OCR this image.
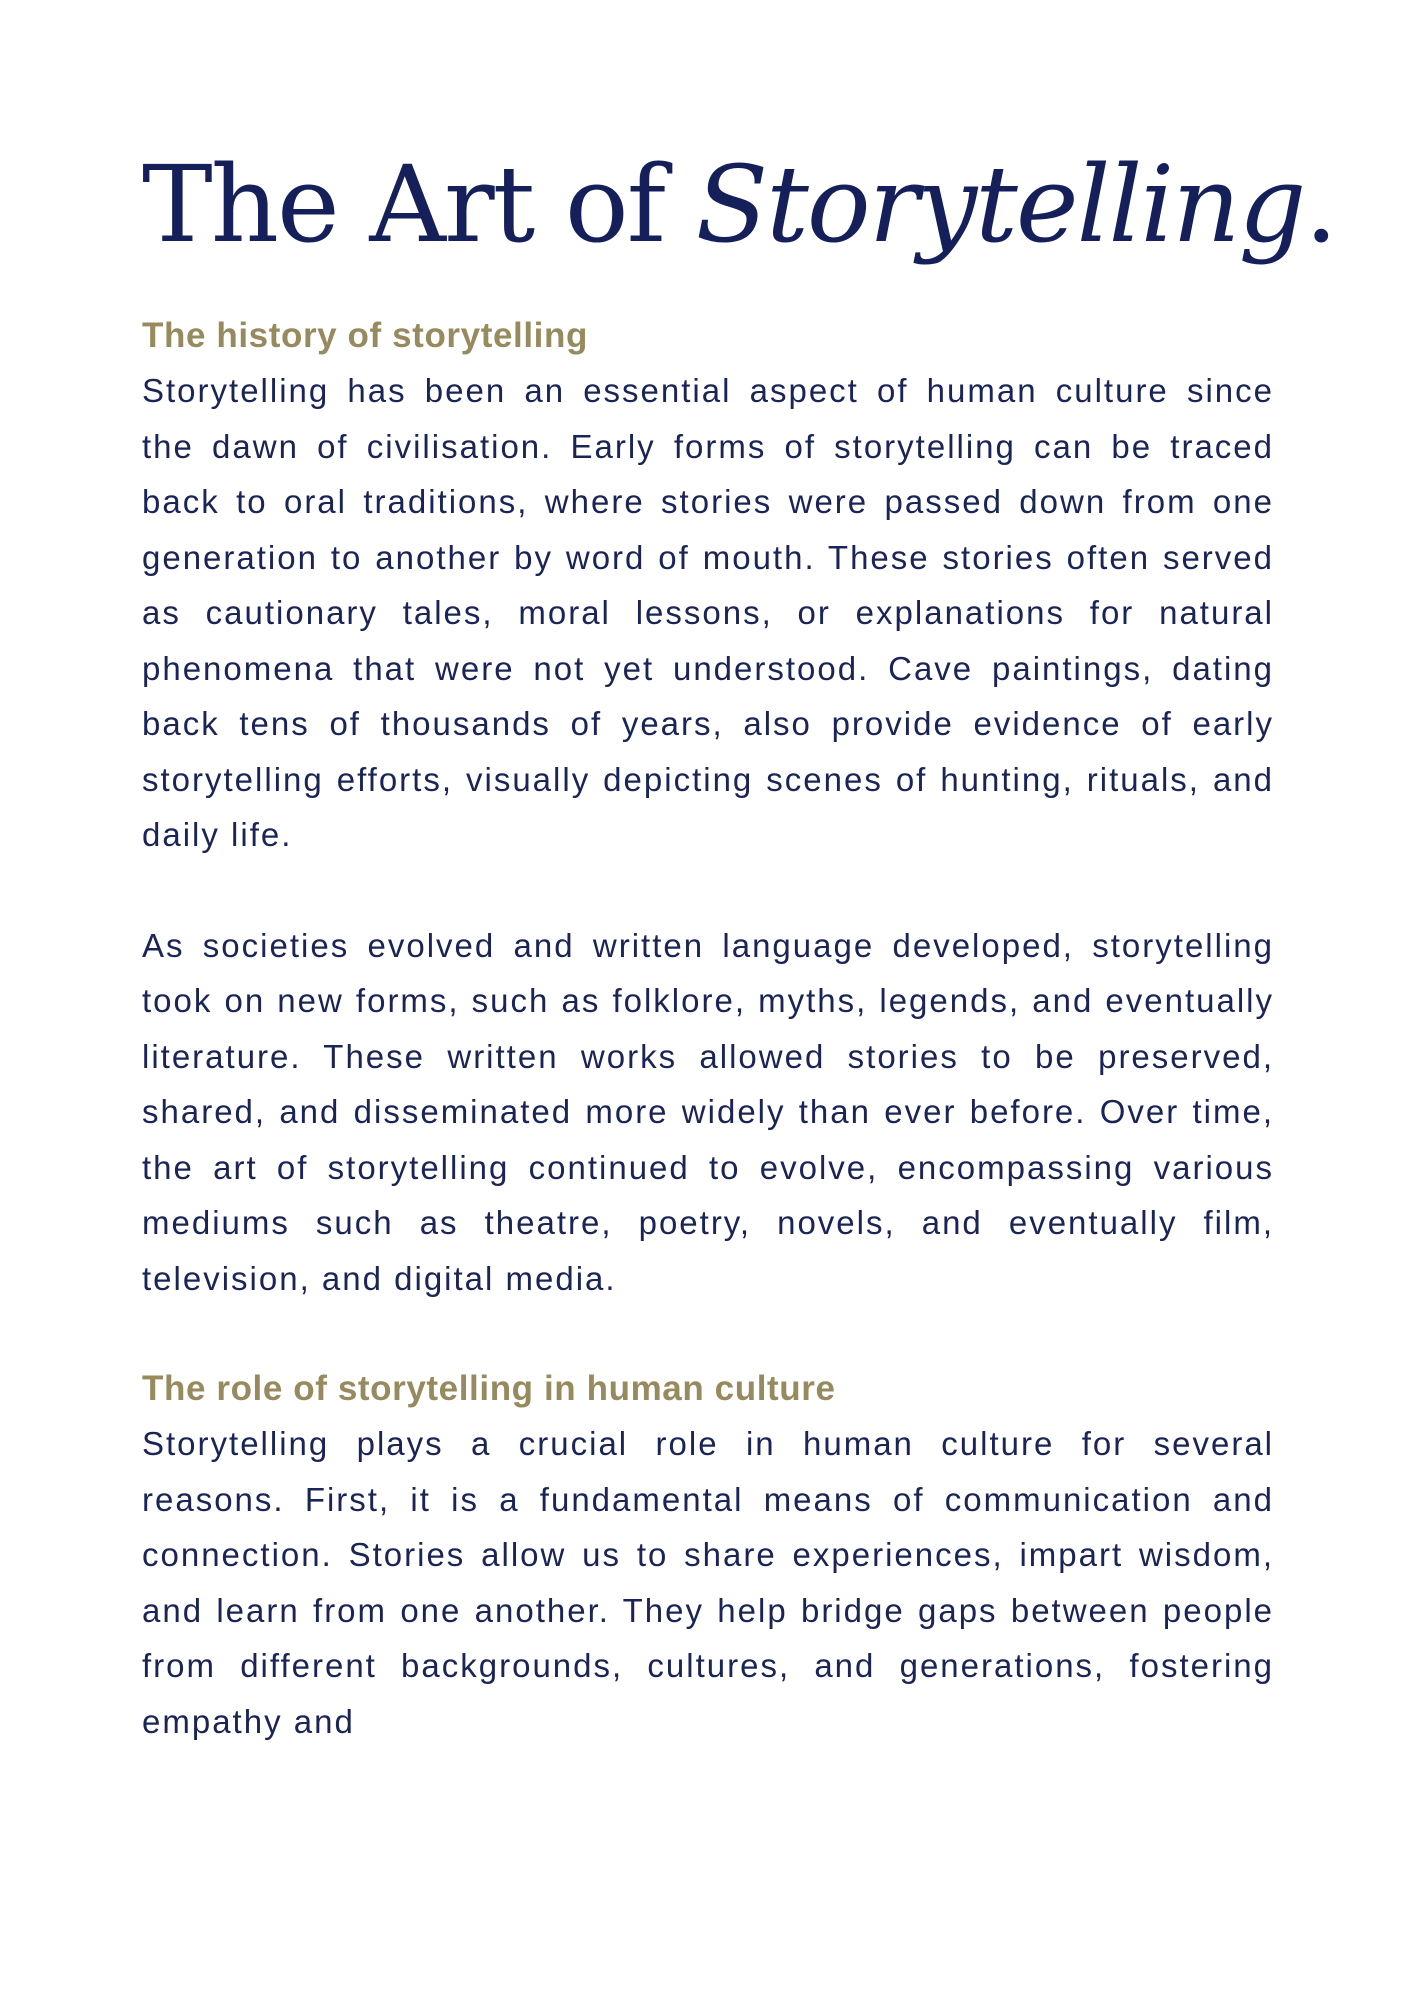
The Art of Storytelling.
The history of storytelling

Storytelling has been an essential aspect of human culture since the dawn of civilisation. Early forms of storytelling can be traced back to oral traditions, where stories were passed down from one generation to another by word of mouth. These stories often served as cautionary tales, moral lessons, or explanations for natural phenomena that were not yet understood. Cave paintings, dating back tens of thousands of years, also provide evidence of early storytelling efforts, visually depicting scenes of hunting, rituals, and daily life.

As societies evolved and written language developed, storytelling took on new forms, such as folklore, myths, legends, and eventually literature. These written works allowed stories to be preserved, shared, and disseminated more widely than ever before. Over time, the art of storytelling continued to evolve, encompassing various mediums such as theatre, poetry, novels, and eventually film, television, and digital media.

The role of storytelling in human culture

Storytelling plays a crucial role in human culture for several reasons. First, it is a fundamental means of communication and connection. Stories allow us to share experiences, impart wisdom, and learn from one another. They help bridge gaps between people from different backgrounds, cultures, and generations, fostering empathy and
